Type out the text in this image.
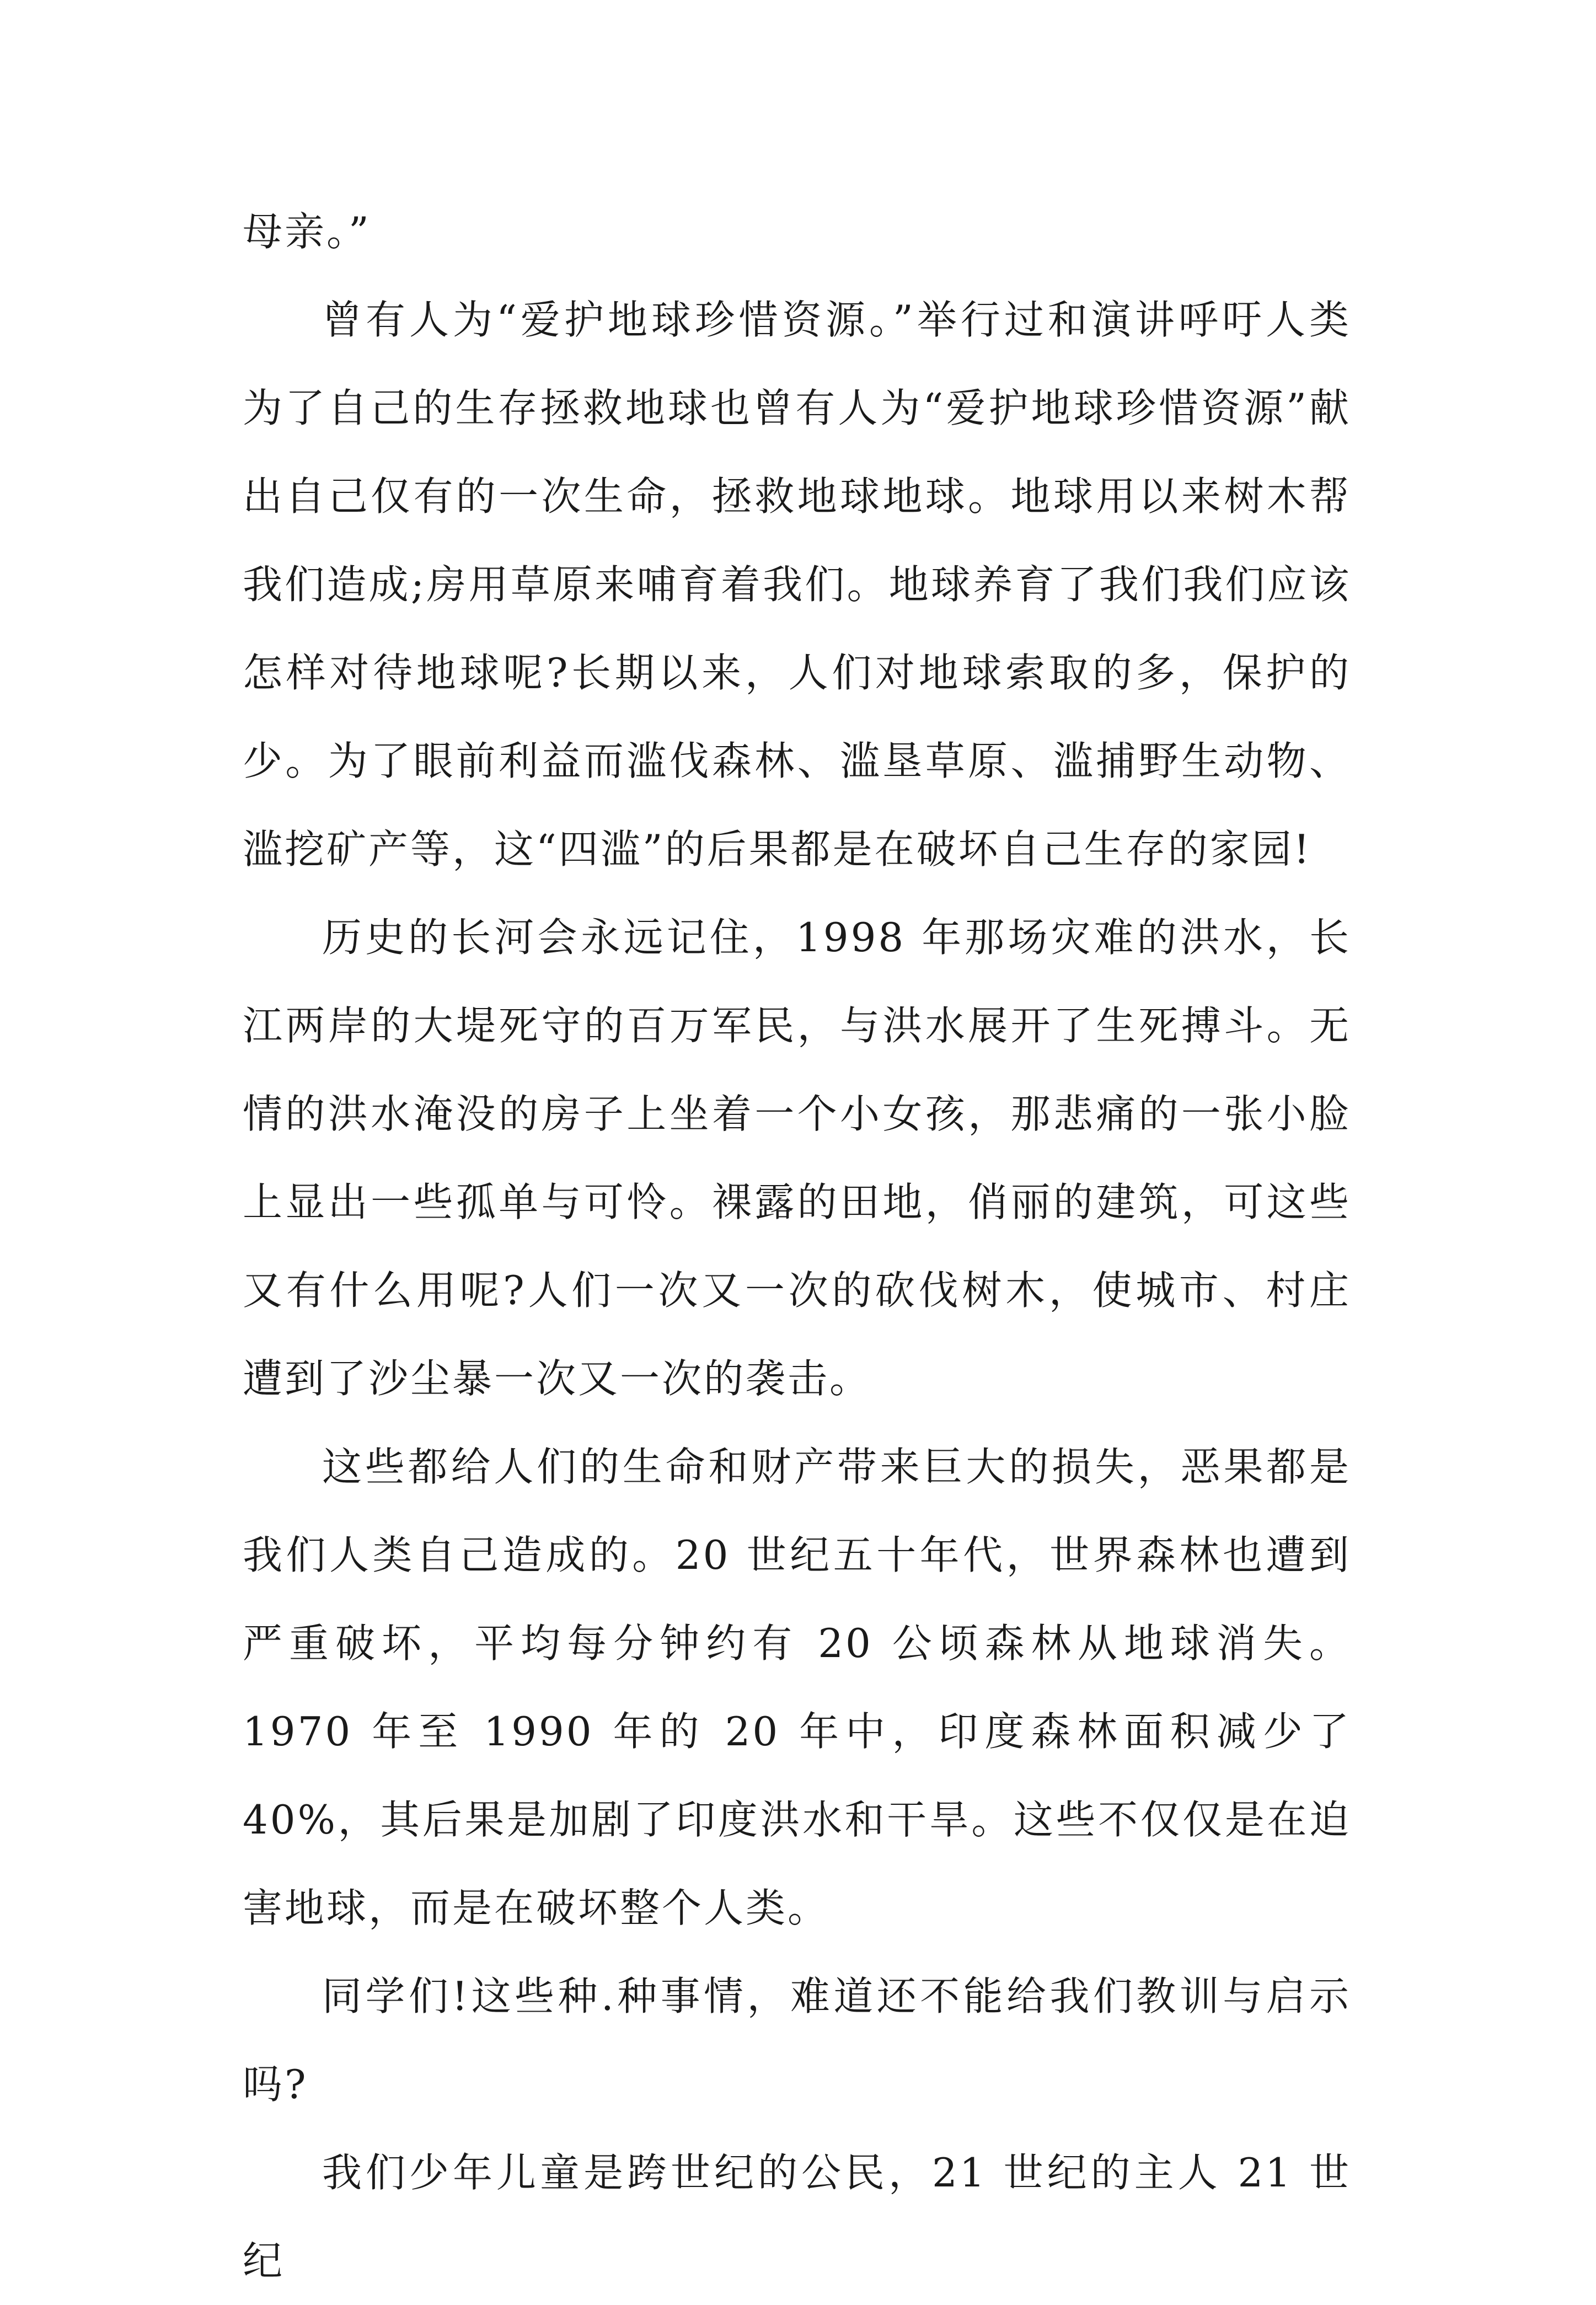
母亲。”

曾有人为“爱护地球珍惜资源。”举行过和演讲呼吁人类为了自己的生存拯救地球也曾有人为“爱护地球珍惜资源”献出自己仅有的一次生命，拯救地球地球。地球用以来树木帮我们造成;房用草原来哺育着我们。地球养育了我们我们应该怎样对待地球呢?长期以来，人们对地球索取的多，保护的少。为了眼前利益而滥伐森林、滥垦草原、滥捕野生动物、滥挖矿产等，这“四滥”的后果都是在破坏自己生存的家园!

历史的长河会永远记住，1998 年那场灾难的洪水，长江两岸的大堤死守的百万军民，与洪水展开了生死搏斗。无情的洪水淹没的房子上坐着一个小女孩，那悲痛的一张小脸上显出一些孤单与可怜。裸露的田地，俏丽的建筑，可这些又有什么用呢?人们一次又一次的砍伐树木，使城市、村庄遭到了沙尘暴一次又一次的袭击。

这些都给人们的生命和财产带来巨大的损失，恶果都是我们人类自己造成的。20 世纪五十年代，世界森林也遭到严重破坏，平均每分钟约有 20 公顷森林从地球消失。1970 年至 1990 年的 20 年中，印度森林面积减少了 40%，其后果是加剧了印度洪水和干旱。这些不仅仅是在迫害地球，而是在破坏整个人类。

同学们!这些种.种事情，难道还不能给我们教训与启示吗?

我们少年儿童是跨世纪的公民，21 世纪的主人 21 世纪
